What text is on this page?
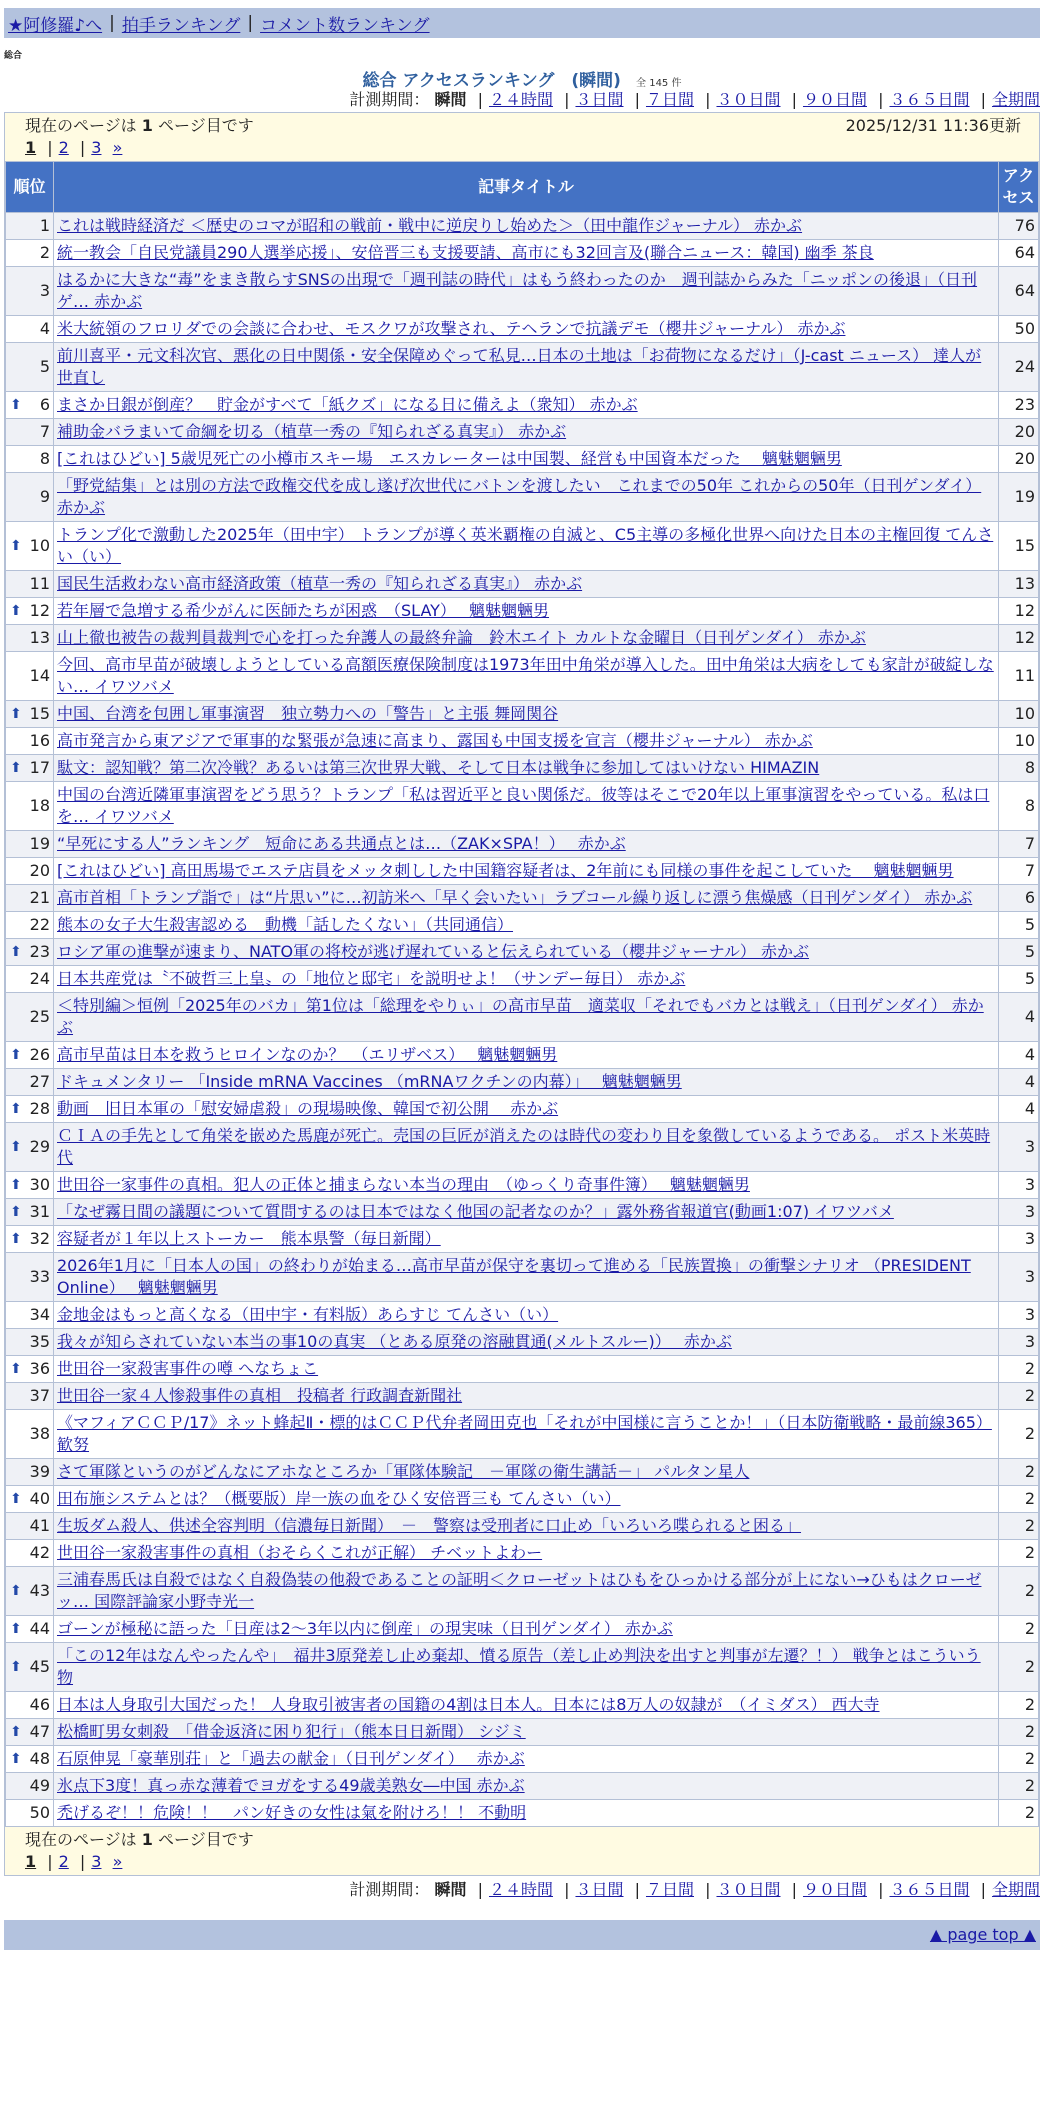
★阿修羅♪へ | 拍手ランキング | コメント数ランキング
総合
総合 アクセスランキング　(瞬間) 全 145 件
計測期間： 瞬間 | ２４時間 | ３日間 | ７日間 | ３０日間 | ９０日間 | ３６５日間 | 全期間
現在のページは 1 ページ目です	2025/12/31 11:36更新
1 | 2 | 3 »
順位	記事タイトル	アクセス
1	これは戦時経済だ ＜歴史のコマが昭和の戦前・戦中に逆戻りし始めた＞（田中龍作ジャーナル） 赤かぶ	76
2	統一教会「自民党議員290人選挙応援」、安倍晋三も支援要請、高市にも32回言及(聯合ニュース：韓国) 幽季 茶良	64
3	はるかに大きな“毒”をまき散らすSNSの出現で「週刊誌の時代」はもう終わったのか　週刊誌からみた「ニッポンの後退」（日刊ゲ… 赤かぶ	64
4	米大統領のフロリダでの会談に合わせ、モスクワが攻撃され、テヘランで抗議デモ（櫻井ジャーナル） 赤かぶ	50
5	前川喜平・元文科次官、悪化の日中関係・安全保障めぐって私見…日本の土地は「お荷物になるだけ」（J-cast ニュース） 達人が世直し	24

⬆ 6	まさか日銀が倒産？　貯金がすべて「紙クズ」になる日に備えよ（衆知） 赤かぶ	23
7	補助金バラまいて命綱を切る（植草一秀の『知られざる真実』） 赤かぶ	20
8	[これはひどい] 5歳児死亡の小樽市スキー場　エスカレーターは中国製、経営も中国資本だった　 魑魅魍魎男	20
9	「野党結集」とは別の方法で政権交代を成し遂げ次世代にバトンを渡したい　これまでの50年 これからの50年（日刊ゲンダイ） 赤かぶ	19

⬆ 10	トランプ化で激動した2025年（田中宇） トランプが導く英米覇権の自滅と、C5主導の多極化世界へ向けた日本の主権回復 てんさい（い）	15
11	国民生活救わない高市経済政策（植草一秀の『知られざる真実』） 赤かぶ	13

⬆ 12	若年層で急増する希少がんに医師たちが困惑　（SLAY）　 魑魅魍魎男	12
13	山上徹也被告の裁判員裁判で心を打った弁護人の最終弁論　鈴木エイト カルトな金曜日（日刊ゲンダイ） 赤かぶ	12
14	今回、高市早苗が破壊しようとしている高額医療保険制度は1973年田中角栄が導入した。田中角栄は大病をしても家計が破綻しない… イワツバメ	11

⬆ 15	中国、台湾を包囲し軍事演習　独立勢力への「警告」と主張 舞岡関谷	10
16	高市発言から東アジアで軍事的な緊張が急速に高まり、露国も中国支援を宣言（櫻井ジャーナル） 赤かぶ	10

⬆ 17	駄文：認知戦？第二次冷戦？あるいは第三次世界大戦、そして日本は戦争に参加してはいけない HIMAZIN	8
18	中国の台湾近隣軍事演習をどう思う？トランプ「私は習近平と良い関係だ。彼等はそこで20年以上軍事演習をやっている。私は口を… イワツバメ	8
19	“早死にする人”ランキング　短命にある共通点とは…（ZAK×SPA！）　 赤かぶ	7
20	[これはひどい] 高田馬場でエステ店員をメッタ刺しした中国籍容疑者は、2年前にも同様の事件を起こしていた　 魑魅魍魎男	7
21	高市首相「トランプ詣で」は“片思い”に…初訪米へ「早く会いたい」ラブコール繰り返しに漂う焦燥感（日刊ゲンダイ） 赤かぶ	6
22	熊本の女子大生殺害認める　動機「話したくない」（共同通信）	5

⬆ 23	ロシア軍の進撃が速まり、NATO軍の将校が逃げ遅れていると伝えられている（櫻井ジャーナル） 赤かぶ	5
24	日本共産党は〝不破哲三上皇〟の「地位と邸宅」を説明せよ！（サンデー毎日） 赤かぶ	5
25	＜特別編＞恒例「2025年のバカ」第1位は「総理をやりぃ」の高市早苗　適菜収「それでもバカとは戦え」（日刊ゲンダイ） 赤かぶ	4

⬆ 26	高市早苗は日本を救うヒロインなのか？　（エリザベス）　 魑魅魍魎男	4
27	ドキュメンタリー 「Inside mRNA Vaccines （mRNAワクチンの内幕）」　 魑魅魍魎男	4

⬆ 28	動画　旧日本軍の「慰安婦虐殺」の現場映像、韓国で初公開　 赤かぶ	4

⬆ 29	ＣＩＡの手先として角栄を嵌めた馬鹿が死亡。売国の巨匠が消えたのは時代の変わり目を象徴しているようである。 ポスト米英時代	3

⬆ 30	世田谷一家事件の真相。犯人の正体と捕まらない本当の理由　（ゆっくり奇事件簿）　 魑魅魍魎男	3

⬆ 31	「なぜ霧日間の議題について質問するのは日本ではなく他国の記者なのか？」露外務省報道官(動画1:07) イワツバメ	3

⬆ 32	容疑者が１年以上ストーカー　熊本県警（毎日新聞）	3
33	2026年1月に「日本人の国」の終わりが始まる…高市早苗が保守を裏切って進める「民族置換」の衝撃シナリオ （PRESIDENT Online）　 魑魅魍魎男	3
34	金地金はもっと高くなる（田中宇・有料版）あらすじ てんさい（い）	3
35	我々が知らされていない本当の事10の真実 （とある原発の溶融貫通(メルトスルー)）　 赤かぶ	3

⬆ 36	世田谷一家殺害事件の噂 へなちょこ	2
37	世田谷一家４人惨殺事件の真相　投稿者 行政調査新聞社	2
38	《マフィアＣＣＰ/17》ネット蜂起Ⅱ・標的はＣＣＰ代弁者岡田克也「それが中国様に言うことか！」（日本防衛戦略・最前線365） 歓努	2
39	さて軍隊というのがどんなにアホなところか「軍隊体験記　－軍隊の衛生講話－」 パルタン星人	2

⬆ 40	田布施システムとは？（概要版）岸一族の血をひく安倍晋三も てんさい（い）	2
41	生坂ダム殺人、供述全容判明（信濃毎日新聞）　－　警察は受刑者に口止め「いろいろ喋られると困る」	2
42	世田谷一家殺害事件の真相（おそらくこれが正解） チベットよわー	2

⬆ 43	三浦春馬氏は自殺ではなく自殺偽装の他殺であることの証明＜クローゼットはひもをひっかける部分が上にない→ひもはクローゼッ… 国際評論家小野寺光一	2

⬆ 44	ゴーンが極秘に語った「日産は2～3年以内に倒産」の現実味（日刊ゲンダイ） 赤かぶ	2

⬆ 45	「この12年はなんやったんや」　福井3原発差し止め棄却、憤る原告（差し止め判決を出すと判事が左遷？！） 戦争とはこういう物	2
46	日本は人身取引大国だった！ 人身取引被害者の国籍の4割は日本人。日本には8万人の奴隷が　（イミダス） 西大寺	2

⬆ 47	松橋町男女刺殺　「借金返済に困り犯行」（熊本日日新聞） シジミ	2

⬆ 48	石原伸晃「豪華別荘」と「過去の献金」（日刊ゲンダイ）　 赤かぶ	2
49	氷点下3度！真っ赤な薄着でヨガをする49歳美熟女―中国 赤かぶ	2
50	禿げるぞ！！危険！！　パン好きの女性は氣を附けろ！！ 不動明	2
現在のページは 1 ページ目です
1 | 2 | 3 »
計測期間： 瞬間 | ２４時間 | ３日間 | ７日間 | ３０日間 | ９０日間 | ３６５日間 | 全期間
▲ page top ▲
